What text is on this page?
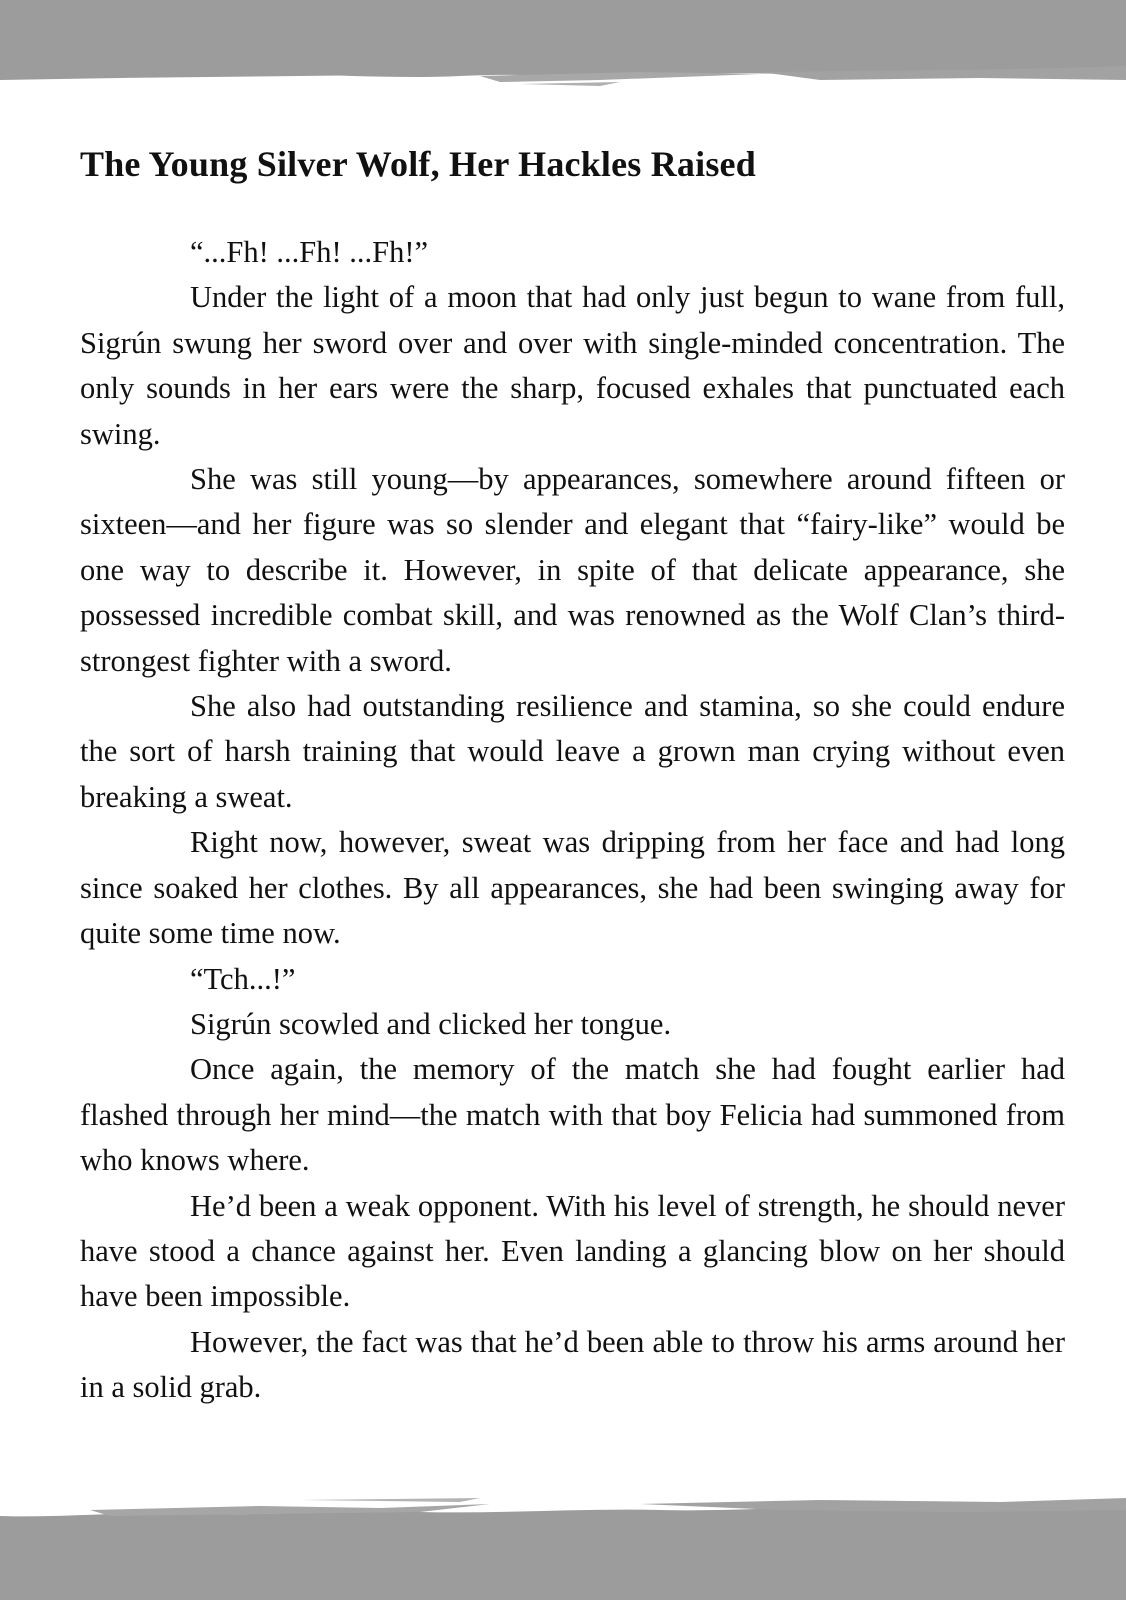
The Young Silver Wolf, Her Hackles Raised

“...Fh! ...Fh! ...Fh!”

Under the light of a moon that had only just begun to wane from full, Sigrún swung her sword over and over with single-minded concentration. The only sounds in her ears were the sharp, focused exhales that punctuated each swing.

She was still young—by appearances, somewhere around fifteen or sixteen—and her figure was so slender and elegant that “fairy-like” would be one way to describe it. However, in spite of that delicate appearance, she possessed incredible combat skill, and was renowned as the Wolf Clan’s third-strongest fighter with a sword.

She also had outstanding resilience and stamina, so she could endure the sort of harsh training that would leave a grown man crying without even breaking a sweat.

Right now, however, sweat was dripping from her face and had long since soaked her clothes. By all appearances, she had been swinging away for quite some time now.

“Tch...!”

Sigrún scowled and clicked her tongue.

Once again, the memory of the match she had fought earlier had flashed through her mind—the match with that boy Felicia had summoned from who knows where.

He’d been a weak opponent. With his level of strength, he should never have stood a chance against her. Even landing a glancing blow on her should have been impossible.

However, the fact was that he’d been able to throw his arms around her in a solid grab.
